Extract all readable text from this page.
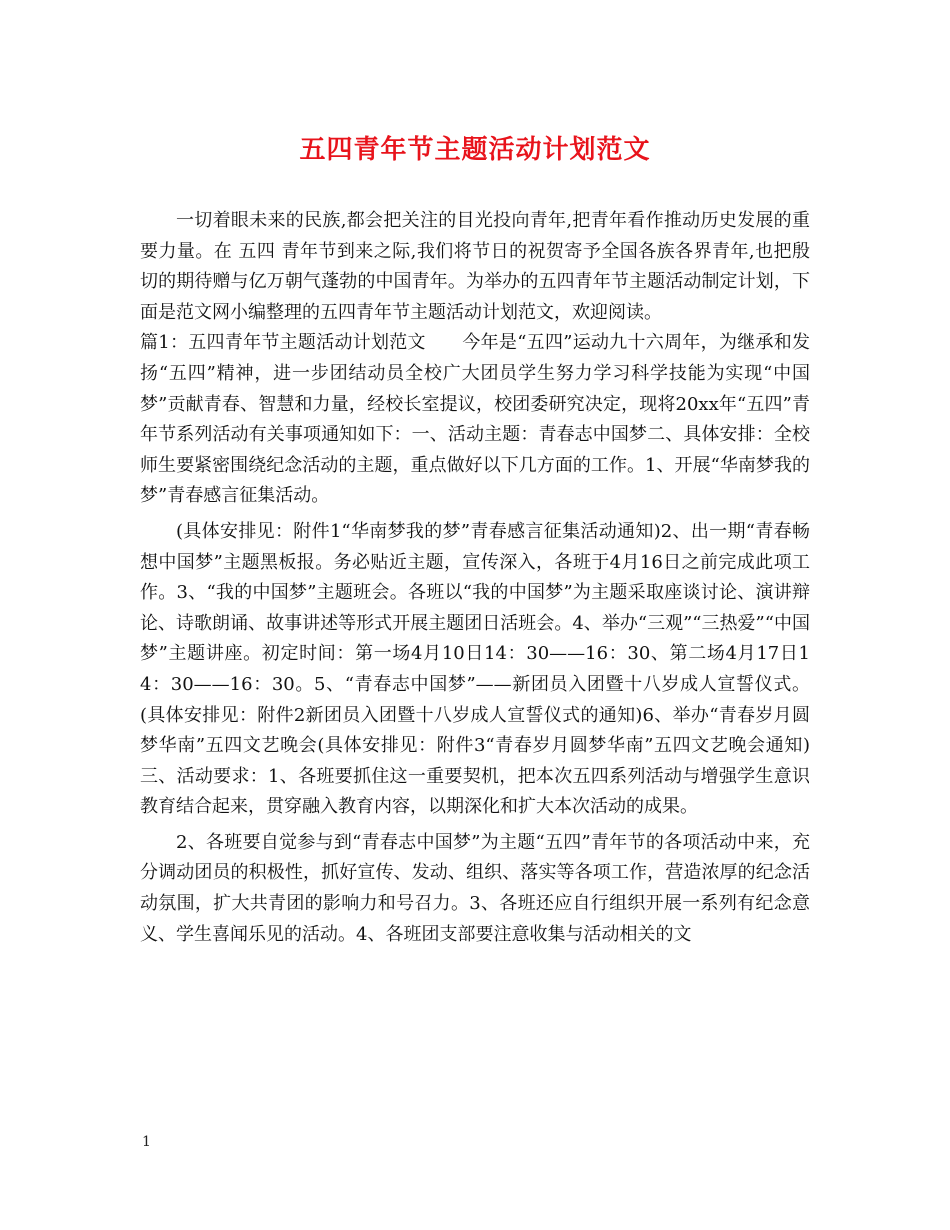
五四青年节主题活动计划范文

一切着眼未来的民族,都会把关注的目光投向青年,把青年看作推动历史发展的重要力量。在 五四 青年节到来之际,我们将节日的祝贺寄予全国各族各界青年,也把殷切的期待赠与亿万朝气蓬勃的中国青年。为举办的五四青年节主题活动制定计划，下面是范文网小编整理的五四青年节主题活动计划范文，欢迎阅读。

篇1：五四青年节主题活动计划范文　　今年是“五四”运动九十六周年，为继承和发扬“五四”精神，进一步团结动员全校广大团员学生努力学习科学技能为实现“中国梦”贡献青春、智慧和力量，经校长室提议，校团委研究决定，现将20xx年“五四”青年节系列活动有关事项通知如下：一、活动主题：青春志中国梦二、具体安排：全校师生要紧密围绕纪念活动的主题，重点做好以下几方面的工作。1、开展“华南梦我的梦”青春感言征集活动。

(具体安排见：附件1“华南梦我的梦”青春感言征集活动通知)2、出一期“青春畅想中国梦”主题黑板报。务必贴近主题，宣传深入，各班于4月16日之前完成此项工作。3、“我的中国梦”主题班会。各班以“我的中国梦”为主题采取座谈讨论、演讲辩论、诗歌朗诵、故事讲述等形式开展主题团日活班会。4、举办“三观”“三热爱”“中国梦”主题讲座。初定时间：第一场4月10日14：30——16：30、第二场4月17日14：30——16：30。5、“青春志中国梦”——新团员入团暨十八岁成人宣誓仪式。(具体安排见：附件2新团员入团暨十八岁成人宣誓仪式的通知)6、举办“青春岁月圆梦华南”五四文艺晚会(具体安排见：附件3“青春岁月圆梦华南”五四文艺晚会通知)三、活动要求：1、各班要抓住这一重要契机，把本次五四系列活动与增强学生意识教育结合起来，贯穿融入教育内容，以期深化和扩大本次活动的成果。

2、各班要自觉参与到“青春志中国梦”为主题“五四”青年节的各项活动中来，充分调动团员的积极性，抓好宣传、发动、组织、落实等各项工作，营造浓厚的纪念活动氛围，扩大共青团的影响力和号召力。3、各班还应自行组织开展一系列有纪念意义、学生喜闻乐见的活动。4、各班团支部要注意收集与活动相关的文

1
